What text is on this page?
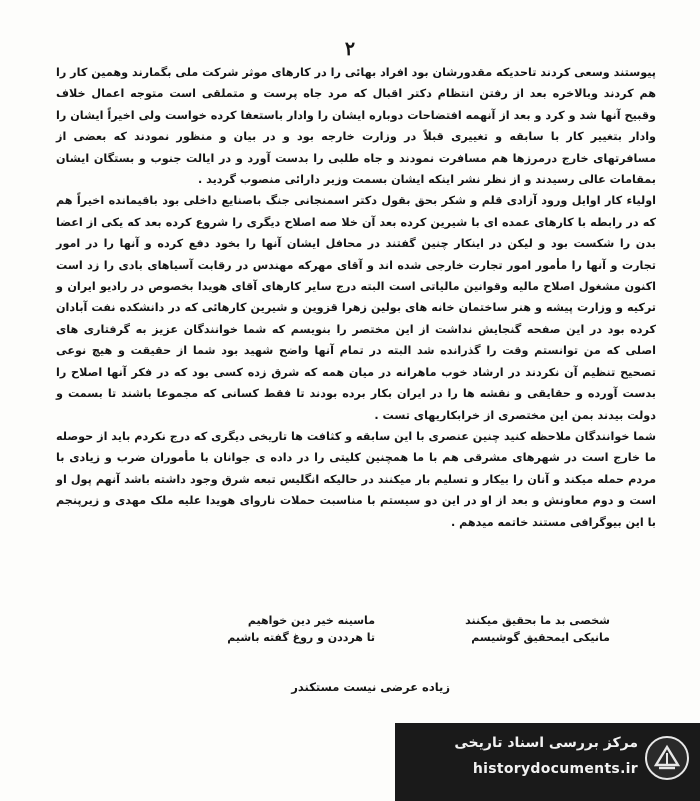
۲

پیوستند وسعی کردند تاحدیکه مقدورشان بود افراد بهائی را در کارهای موثر شرکت ملی بگمارند وهمین کار را هم کردند وبالاخره بعد از رفتن انتظام دکتر اقبال که مرد جاه پرست و متملقی است متوجه اعمال خلاف وقبیح آنها شد و کرد و بعد از آنهمه افتضاحات دوباره ایشان را وادار باستعفا کرده خواست ولی اخیراً ایشان را وادار بتغییر کار با سابقه و تغییری قبلاً در وزارت خارجه بود و در بیان و منظور نمودند که بعضی از مسافرتهای خارج درمرزها هم مسافرت نمودند و جاه طلبی را بدست آورد و در ایالت جنوب و بستگان ایشان بمقامات عالی رسیدند و از نظر نشر اینکه ایشان بسمت وزیر دارائی منصوب گردید .

اولیاء کار اوایل ورود آزادی قلم و شکر بحق بقول دکتر اسمنجانی جنگ باصنایع داخلی بود باقیمانده اخیراً هم که در رابطه با کارهای عمده ای با شیرین کرده بعد آن خلا صه اصلاح دیگری را شروع کرده بعد که یکی از اعضا بدن را شکست بود و لیکن در اینکار چنین گفتند در محافل ایشان آنها را بخود دفع کرده و آنها را در امور تجارت و آنها را مأمور امور تجارت خارجی شده اند و آقای مهرکه مهندس در رقابت آسیاهای بادی را زد است اکنون مشغول اصلاح مالیه وقوانین مالیاتی است البته درج سایر کارهای آقای هویدا بخصوص در رادیو ایران و ترکیه و وزارت پیشه و هنر ساختمان خانه های بولین زهرا قزوین و شیرین کارهائی که در دانشکده نفت آبادان کرده بود در این صفحه گنجایش نداشت از این مختصر را بنویسم که شما خوانندگان عزیز به گرفتاری های اصلی که من توانستم وقت را گذرانده شد البته در تمام آنها واضح شهید بود شما از حقیقت و هیچ نوعی تصحیح تنظیم آن نکردند در ارشاد خوب ماهرانه در میان همه که شرق زده کسی بود که در فکر آنها اصلاح را بدست آورده و حقایقی و نقشه ها را در ایران بکار برده بودند تا فقط کسانی که مجموعا باشند تا بسمت و دولت بیدند بمن این مختصری از خرابکاریهای تست .

شما خوانندگان ملاحظه کنید چنین عنصری با این سابقه و کثافت ها تاریخی دیگری که درج نکردم باید از حوصله ما خارج است در شهرهای مشرقی هم با ما همچنین کلیتی را در داده ی جوانان با مأموران ضرب و زیادی با مردم حمله میکند و آنان را بیکار و تسلیم بار میکنند در حالیکه انگلیس تبعه شرق وجود داشته باشد آنهم پول او است و دوم معاونش و بعد از او در این دو سیستم با مناسبت حملات ناروای هویدا علیه ملک مهدی و زیرپنجم با این بیوگرافی مستند خاتمه میدهم .

شخصی بد ما بحقیق میکنند
ماسینه خیر دین خواهیم
مانیکی ایمحقیق گوشیسم
تا هرددن و روغ گفته باشیم
زیاده عرضی نیست مستکندر
مرکز بررسی اسناد تاریخی
historydocuments.ir
